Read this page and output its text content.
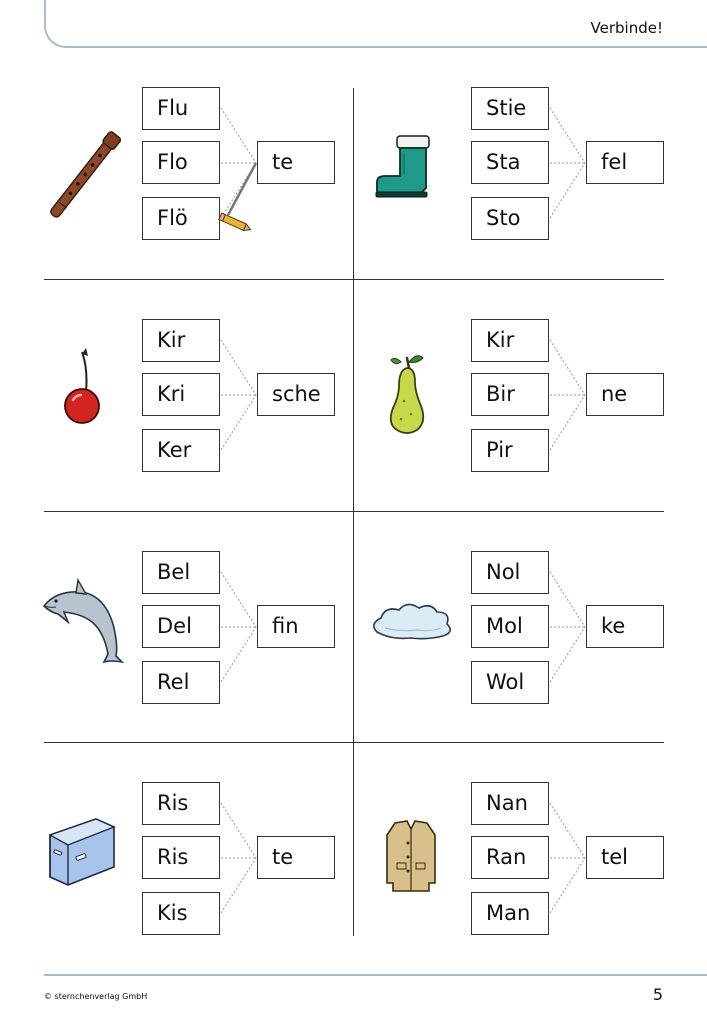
Verbinde!
Flu
Flo
Flö
te
Stie
Sta
Sto
fel
Kir
Kri
Ker
sche
Kir
Bir
Pir
ne
Bel
Del
Rel
fin
Nol
Mol
Wol
ke
Ris
Ris
Kis
te
Nan
Ran
Man
tel
© sternchenverlag GmbH	5
